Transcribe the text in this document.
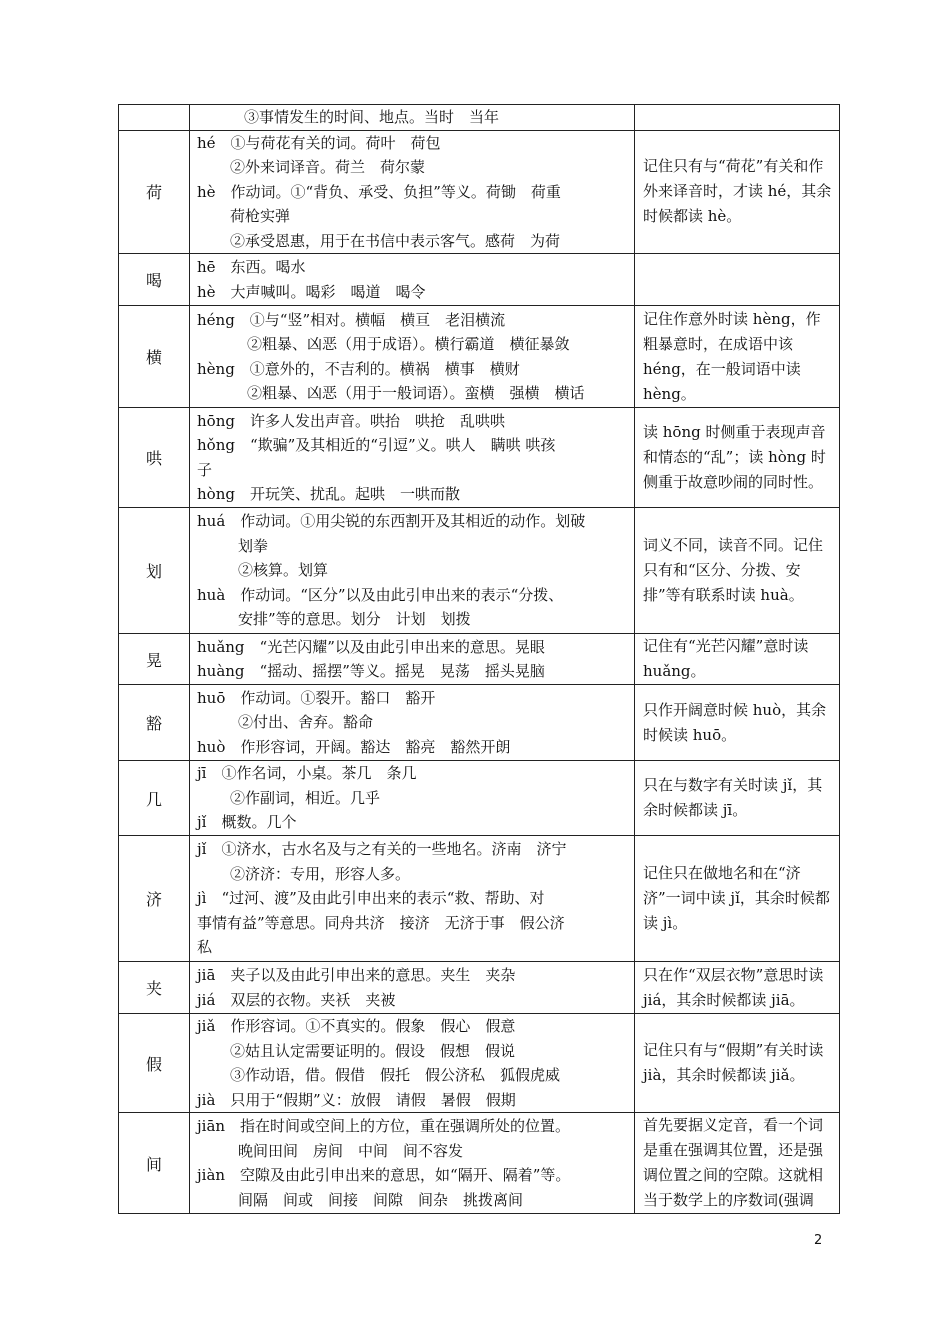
	③事情发生的时间、地点。当时　当年	

荷	hé　①与荷花有关的词。荷叶　荷包
②外来词译音。荷兰　荷尔蒙
hè　作动词。①“背负、承受、负担”等义。荷锄　荷重
荷枪实弹
②承受恩惠，用于在书信中表示客气。感荷　为荷	记住只有与“荷花”有关和作外来译音时，才读 hé，其余时候都读 hè。

喝	hē　东西。喝水
hè　大声喊叫。喝彩　喝道　喝令	

横	héng　①与“竖”相对。横幅　横亘　老泪横流
②粗暴、凶恶（用于成语）。横行霸道　横征暴敛
hèng　①意外的，不吉利的。横祸　横事　横财
②粗暴、凶恶（用于一般词语）。蛮横　强横　横话	记住作意外时读 hèng，作粗暴意时，在成语中该 héng，在一般词语中读 hèng。

哄	hōng　许多人发出声音。哄抬　哄抢　乱哄哄
hǒng　“欺骗”及其相近的“引逗”义。哄人　瞒哄 哄孩
子
hòng　开玩笑、扰乱。起哄　一哄而散	读 hōng 时侧重于表现声音和情态的“乱”；读 hòng 时侧重于故意吵闹的同时性。

划	huá　作动词。①用尖锐的东西割开及其相近的动作。划破
划拳
②核算。划算
huà　作动词。“区分”以及由此引申出来的表示“分拨、
安排”等的意思。划分　计划　划拨	词义不同，读音不同。记住只有和“区分、分拨、安排”等有联系时读 huà。

晃	huǎng　“光芒闪耀”以及由此引申出来的意思。晃眼
huàng　“摇动、摇摆”等义。摇晃　晃荡　摇头晃脑	记住有“光芒闪耀”意时读 huǎng。

豁	huō　作动词。①裂开。豁口　豁开
②付出、舍弃。豁命
huò　作形容词，开阔。豁达　豁亮　豁然开朗	只作开阔意时候 huò，其余时候读 huō。

几	jī　①作名词，小桌。茶几　条几
②作副词，相近。几乎
jǐ　概数。几个	只在与数字有关时读 jǐ，其余时候都读 jī。

济	jǐ　①济水，古水名及与之有关的一些地名。济南　济宁
②济济：专用，形容人多。
jì　“过河、渡”及由此引申出来的表示“救、帮助、对
事情有益”等意思。同舟共济　接济　无济于事　假公济
私	记住只在做地名和在“济济”一词中读 jǐ，其余时候都读 jì。

夹	jiā　夹子以及由此引申出来的意思。夹生　夹杂
jiá　双层的衣物。夹袄　夹被	只在作“双层衣物”意思时读 jiá，其余时候都读 jiā。

假	jiǎ　作形容词。①不真实的。假象　假心　假意
②姑且认定需要证明的。假设　假想　假说
③作动语，借。假借　假托　假公济私　狐假虎威
jià　只用于“假期”义：放假　请假　暑假　假期	记住只有与“假期”有关时读 jià，其余时候都读 jiǎ。

间	jiān　指在时间或空间上的方位，重在强调所处的位置。
晚间田间　房间　中间　间不容发
jiàn　空隙及由此引申出来的意思，如“隔开、隔着”等。
间隔　间或　间接　间隙　间杂　挑拨离间	首先要据义定音，看一个词是重在强调其位置，还是强调位置之间的空隙。这就相当于数学上的序数词(强调
2
